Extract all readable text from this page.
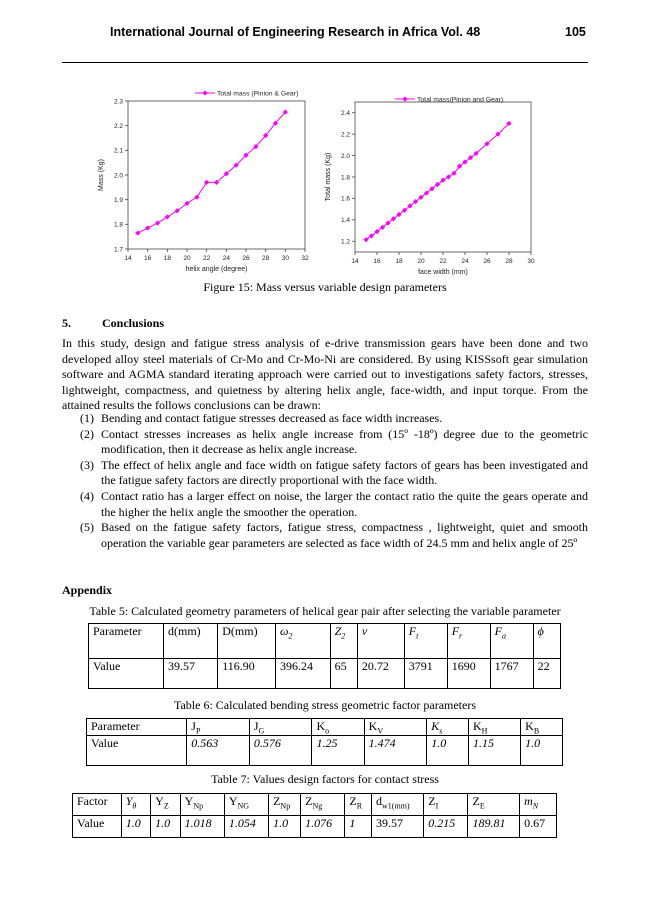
International Journal of Engineering Research in Africa Vol. 48	105
14 16 18 20 22 24 26 28 30 32
1.7
1.8
1.9
2.0
2.1
2.2
2.3
helix angle (degree)
Mass (Kg)
Total mass (Pinion & Gear)
14 16 18 20 22 24 26 28 30
1.2
1.4
1.6
1.8
2.0
2.2
2.4
face width (mm)
Total mass (Kg)
Total mass(Pinion and Gear)
Figure 15: Mass versus variable design parameters
5.	Conclusions
In this study, design and fatigue stress analysis of e-drive transmission gears have been done and two developed alloy steel materials of Cr-Mo and Cr-Mo-Ni are considered. By using KISSsoft gear simulation software and AGMA standard iterating approach were carried out to investigations safety factors, stresses, lightweight, compactness, and quietness by altering helix angle, face-width, and input torque. From the attained results the follows conclusions can be drawn:
(1) Bending and contact fatigue stresses decreased as face width increases.
(2) Contact stresses increases as helix angle increase from (15º -18º) degree due to the geometric modification, then it decrease as helix angle increase.
(3) The effect of helix angle and face width on fatigue safety factors of gears has been investigated and the fatigue safety factors are directly proportional with the face width.
(4) Contact ratio has a larger effect on noise, the larger the contact ratio the quite the gears operate and the higher the helix angle the smoother the operation.
(5) Based on the fatigue safety factors, fatigue stress, compactness , lightweight, quiet and smooth operation the variable gear parameters are selected as face width of 24.5 mm and helix angle of 25º
Appendix
Table 5: Calculated geometry parameters of helical gear pair after selecting the variable parameter
Parameter	d(mm)	D(mm)	$\omega_2$	$Z_2$	v	$F_t$	$F_r$	$F_a$	ϕ
Value	39.57	116.90	396.24	65	20.72	3791	1690	1767	22
Table 6: Calculated bending stress geometric factor parameters
Parameter	$J_P$	$J_G$	$K_o$	$K_V$	$K_s$	$K_H$	$K_B$
Value	0.563	0.576	1.25	1.474	1.0	1.15	1.0
Table 7: Values design factors for contact stress
Factor	$Y_\theta$	$Y_Z$	$Y_{Np}$	$Y_{NG}$	$Z_{Np}$	$Z_{Ng}$	$Z_R$	$d_{w1(mm)}$	$Z_I$	$Z_E$	$m_N$
Value	1.0	1.0	1.018	1.054	1.0	1.076	1	39.57	0.215	189.81	0.67
